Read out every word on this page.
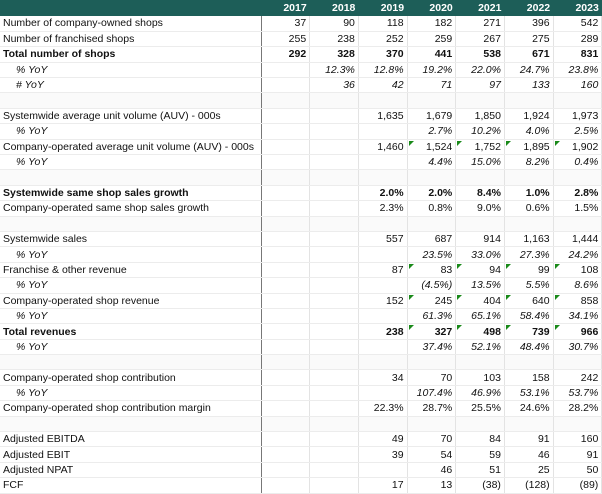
	2017	2018	2019	2020	2021	2022	2023
Number of company-owned shops	37	90	118	182	271	396	542
Number of franchised shops	255	238	252	259	267	275	289
Total number of shops	292	328	370	441	538	671	831
% YoY		12.3%	12.8%	19.2%	22.0%	24.7%	23.8%
# YoY		36	42	71	97	133	160

Systemwide average unit volume (AUV) - 000s			1,635	1,679	1,850	1,924	1,973
% YoY				2.7%	10.2%	4.0%	2.5%
Company-operated average unit volume (AUV) - 000s			1,460	1,524	1,752	1,895	1,902

% YoY				4.4%	15.0%	8.2%	0.4%

Systemwide same shop sales growth			2.0%	2.0%	8.4%	1.0%	2.8%
Company-operated same shop sales growth			2.3%	0.8%	9.0%	0.6%	1.5%

Systemwide sales			557	687	914	1,163	1,444
% YoY				23.5%	33.0%	27.3%	24.2%
Franchise & other revenue			87	83	94	99	108

% YoY				(4.5%)	13.5%	5.5%	8.6%
Company-operated shop revenue			152	245	404	640	858

% YoY				61.3%	65.1%	58.4%	34.1%
Total revenues			238	327	498	739	966

% YoY				37.4%	52.1%	48.4%	30.7%

Company-operated shop contribution			34	70	103	158	242
% YoY				107.4%	46.9%	53.1%	53.7%
Company-operated shop contribution margin			22.3%	28.7%	25.5%	24.6%	28.2%

Adjusted EBITDA			49	70	84	91	160
Adjusted EBIT			39	54	59	46	91
Adjusted NPAT				46	51	25	50
FCF			17	13	(38)	(128)	(89)
